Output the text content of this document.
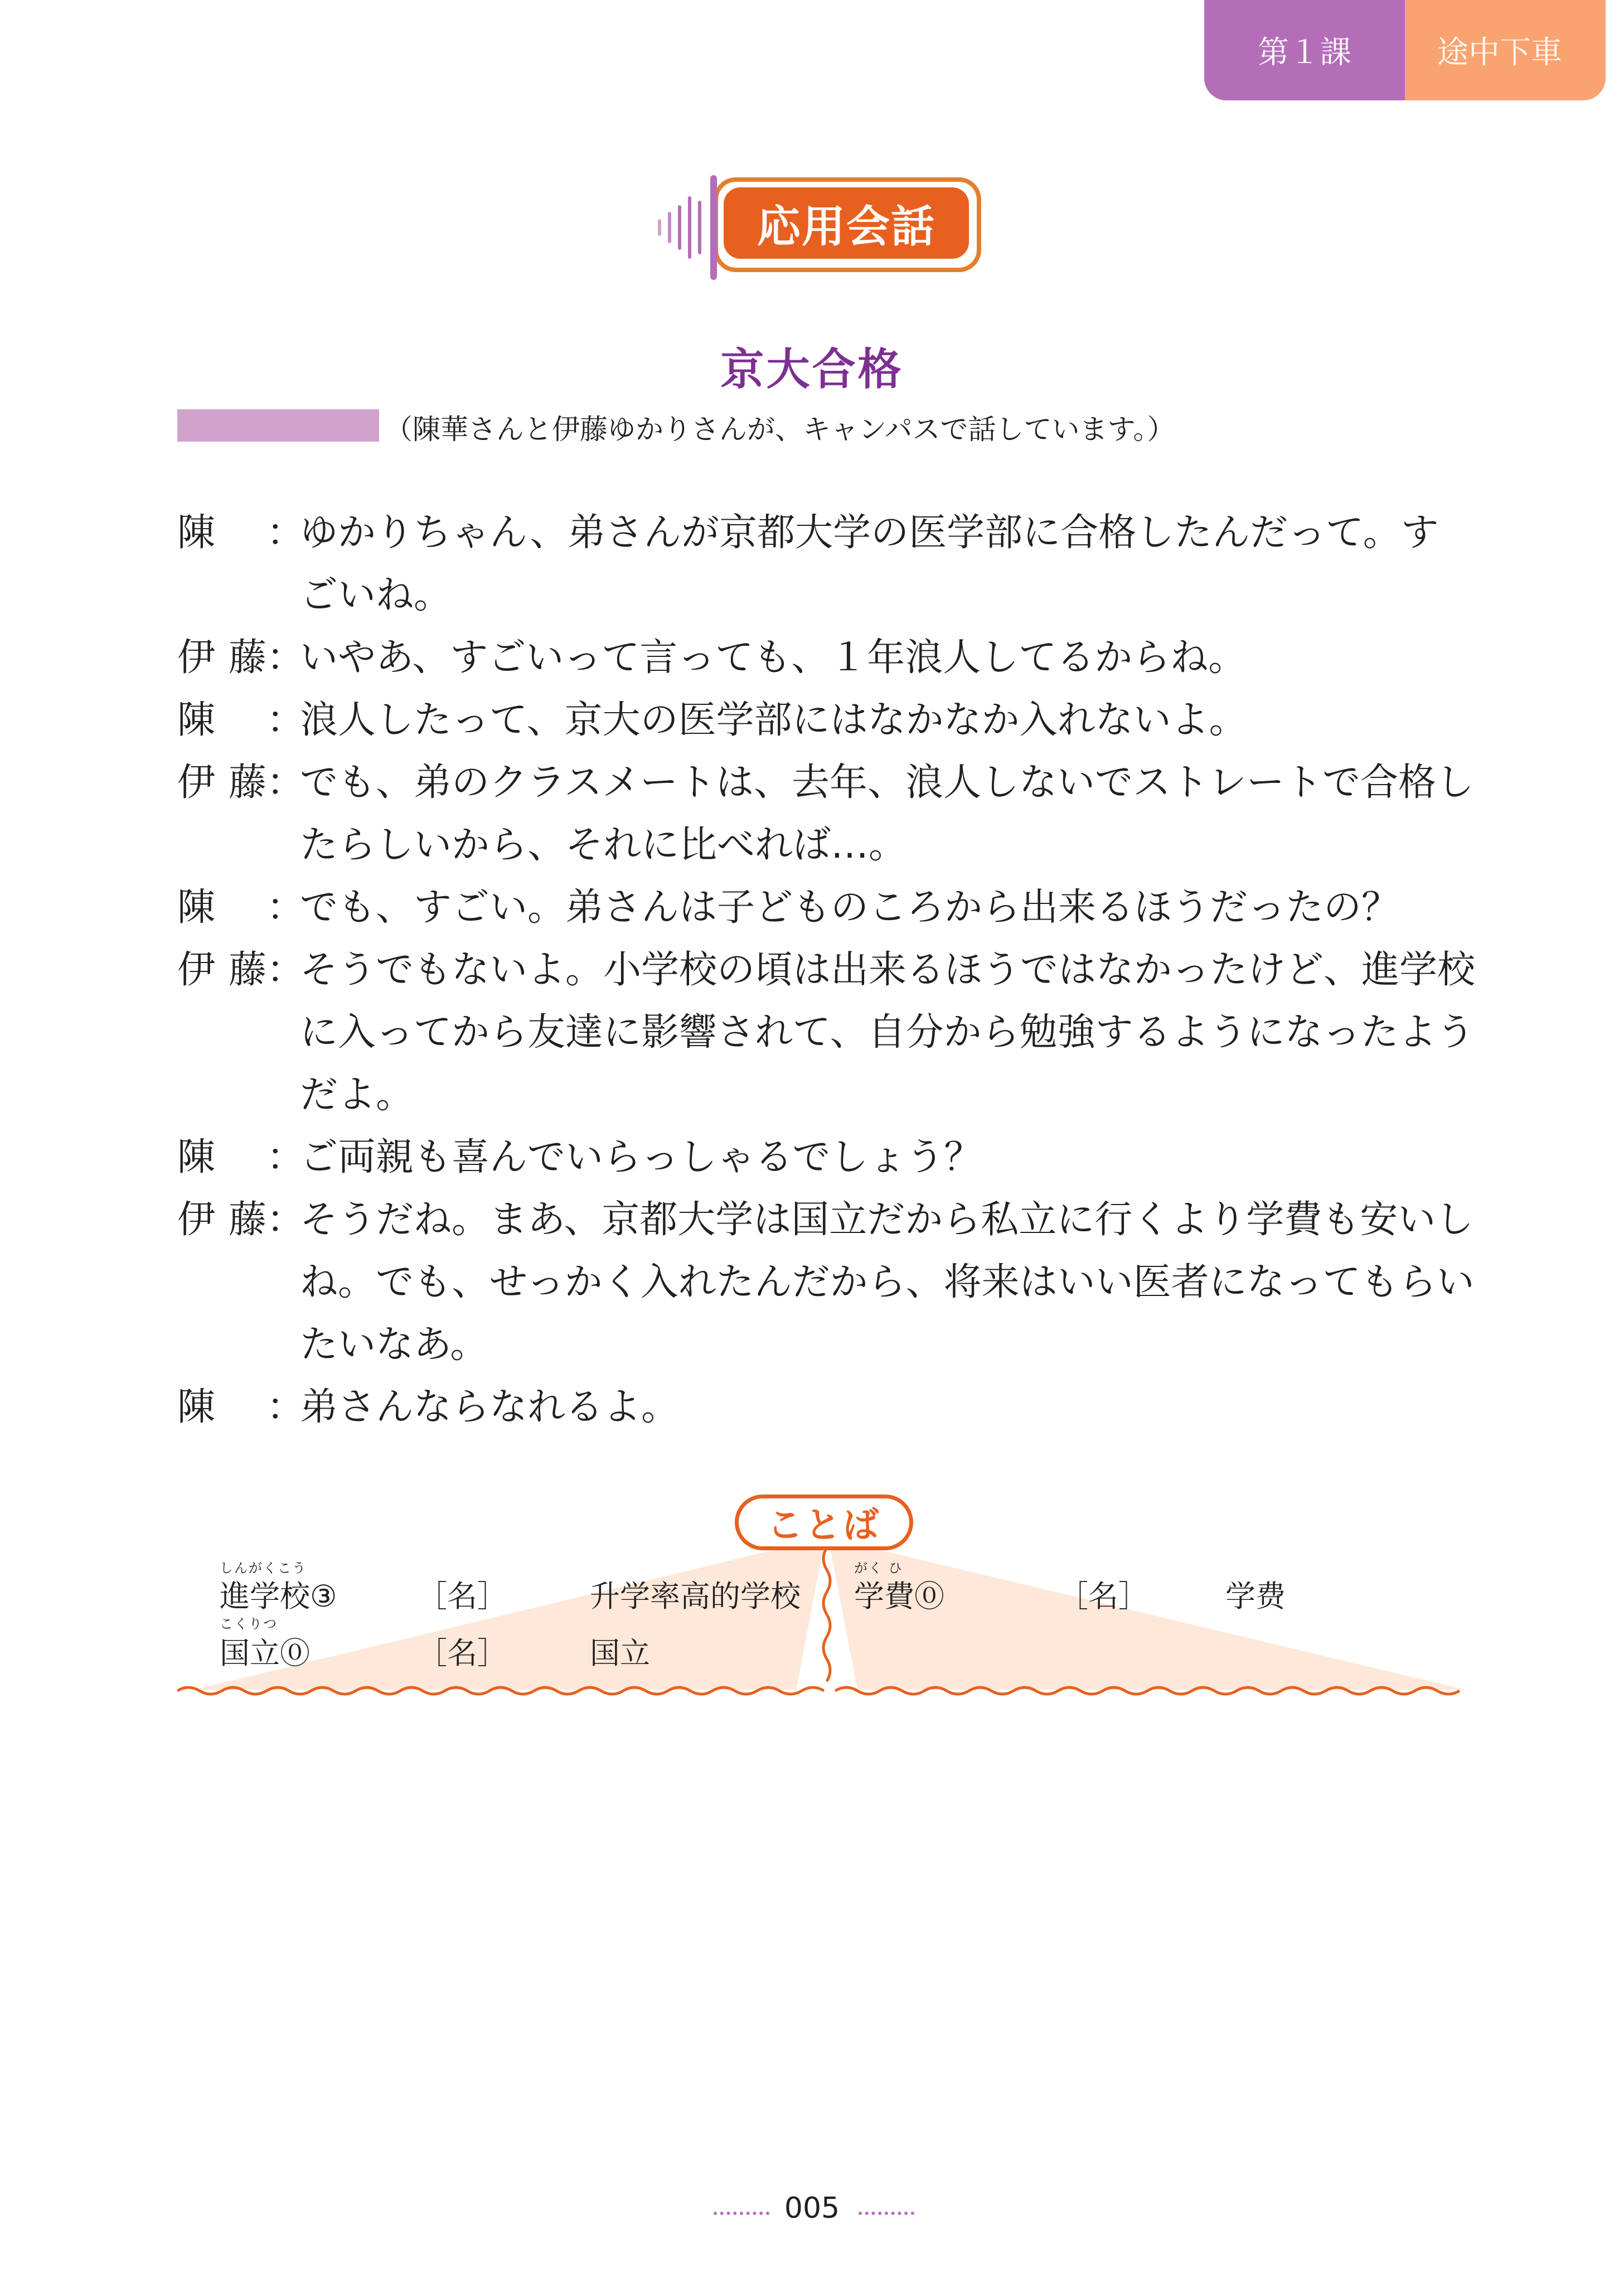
途中下車
第１課
応用会話
京大合格
（陳華さんと伊藤ゆかりさんが、キャンパスで話しています。）
陳	：
ゆかりちゃん、弟さんが京都大学の医学部に合格したんだって。すごいね。
伊藤 ：
いやあ、すごいって言っても、１年浪人してるからね。
陳	：
浪人したって、京大の医学部にはなかなか入れないよ。
伊藤 ：
でも、弟のクラスメートは、去年、浪人しないでストレートで合格したらしいから、それに比べれば…。
陳	：
でも、すごい。弟さんは子どものころから出来るほうだったの？
伊藤 ：
そうでもないよ。小学校の頃は出来るほうではなかったけど、進学校に入ってから友達に影響されて、自分から勉強するようになったようだよ。
陳	：
ご両親も喜んでいらっしゃるでしょう？
伊藤 ：
そうだね。まあ、京都大学は国立だから私立に行くより学費も安いしね。でも、せっかく入れたんだから、将来はいい医者になってもらいたいなあ。
陳	：
弟さんならなれるよ。
ことば
しんがくこう
進学校③	［名］	升学率高的学校
こくりつ
国立⓪	［名］	国立
がく ひ
学費⓪	［名］	学费
005
